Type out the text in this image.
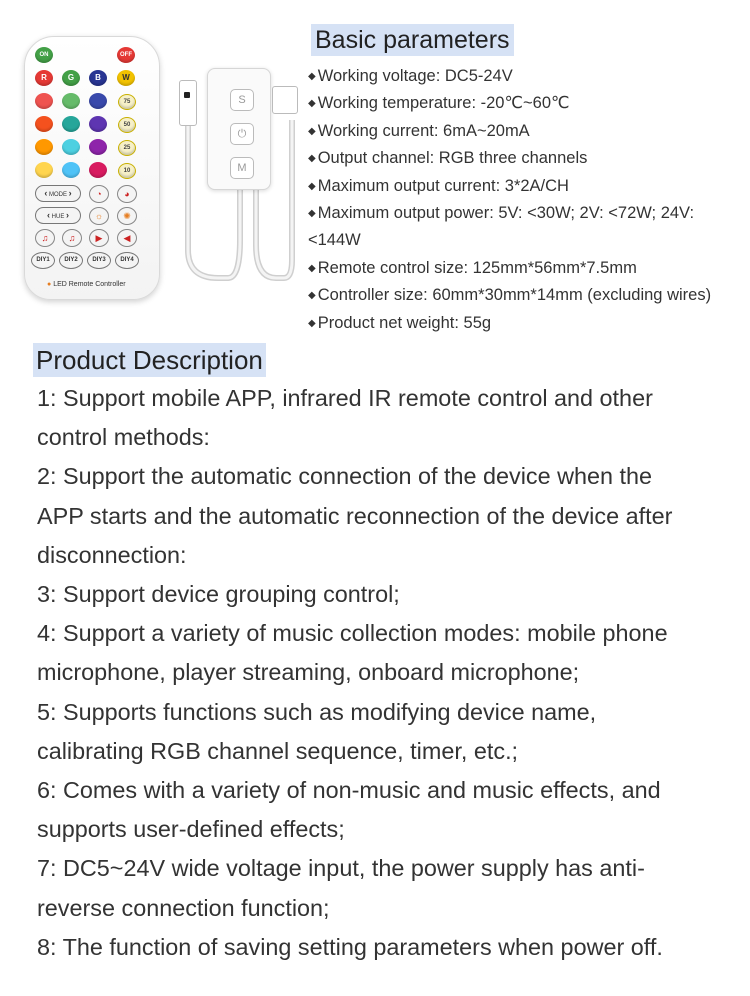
ON	OFF
R	G	B	W
75
50
25
10
‹ MODE ›	◔	◕
‹ HUE ›	☼	✺
♫	♫	▶	◀
DIY1	DIY2	DIY3	DIY4
● LED Remote Controller
S
⏻
M
Basic parameters
◆ Working voltage: DC5-24V
◆ Working temperature: -20℃~60℃
◆ Working current: 6mA~20mA
◆ Output channel: RGB three channels
◆ Maximum output current: 3*2A/CH
◆ Maximum output power: 5V: <30W; 2V: <72W; 24V:
<144W
◆ Remote control size: 125mm*56mm*7.5mm
◆ Controller size: 60mm*30mm*14mm (excluding wires)
◆ Product net weight: 55g
Product Description
1: Support mobile APP, infrared IR remote control and other
control methods:
2: Support the automatic connection of the device when the
APP starts and the automatic reconnection of the device after
disconnection:
3: Support device grouping control;
4: Support a variety of music collection modes: mobile phone
microphone, player streaming, onboard microphone;
5: Supports functions such as modifying device name,
calibrating RGB channel sequence, timer, etc.;
6: Comes with a variety of non-music and music effects, and
supports user-defined effects;
7: DC5~24V wide voltage input, the power supply has anti-
reverse connection function;
8: The function of saving setting parameters when power off.
